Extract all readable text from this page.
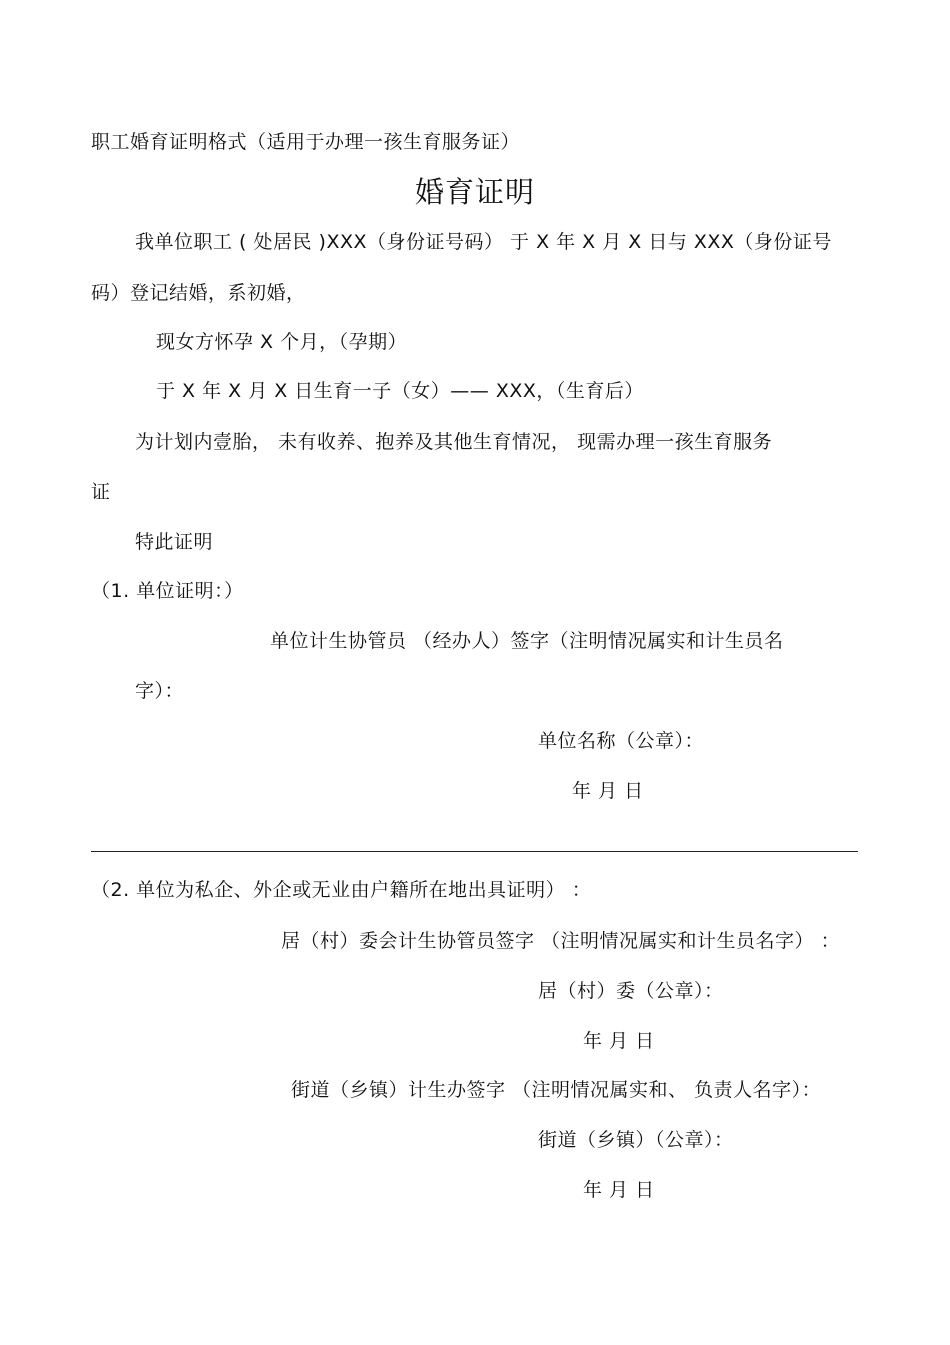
职工婚育证明格式（适用于办理一孩生育服务证）
婚育证明
我单位职工 ( 处居民 )XXX（身份证号码） 于 X 年 X 月 X 日与 XXX（身份证号
码）登记结婚，系初婚，
现女方怀孕 X 个月，（孕期）
于 X 年 X 月 X 日生育一子（女）—— XXX，（生育后）
为计划内壹胎， 未有收养、抱养及其他生育情况， 现需办理一孩生育服务
证
特此证明
（1. 单位证明：）
单位计生协管员 （经办人）签字（注明情况属实和计生员名
字）：
单位名称（公章）：
年 月 日
（2. 单位为私企、外企或无业由户籍所在地出具证明） ：
居（村）委会计生协管员签字 （注明情况属实和计生员名字） ：
居（村）委（公章）：
年 月 日
街道（乡镇）计生办签字 （注明情况属实和、 负责人名字）：
街道（乡镇）（公章）：
年 月 日
